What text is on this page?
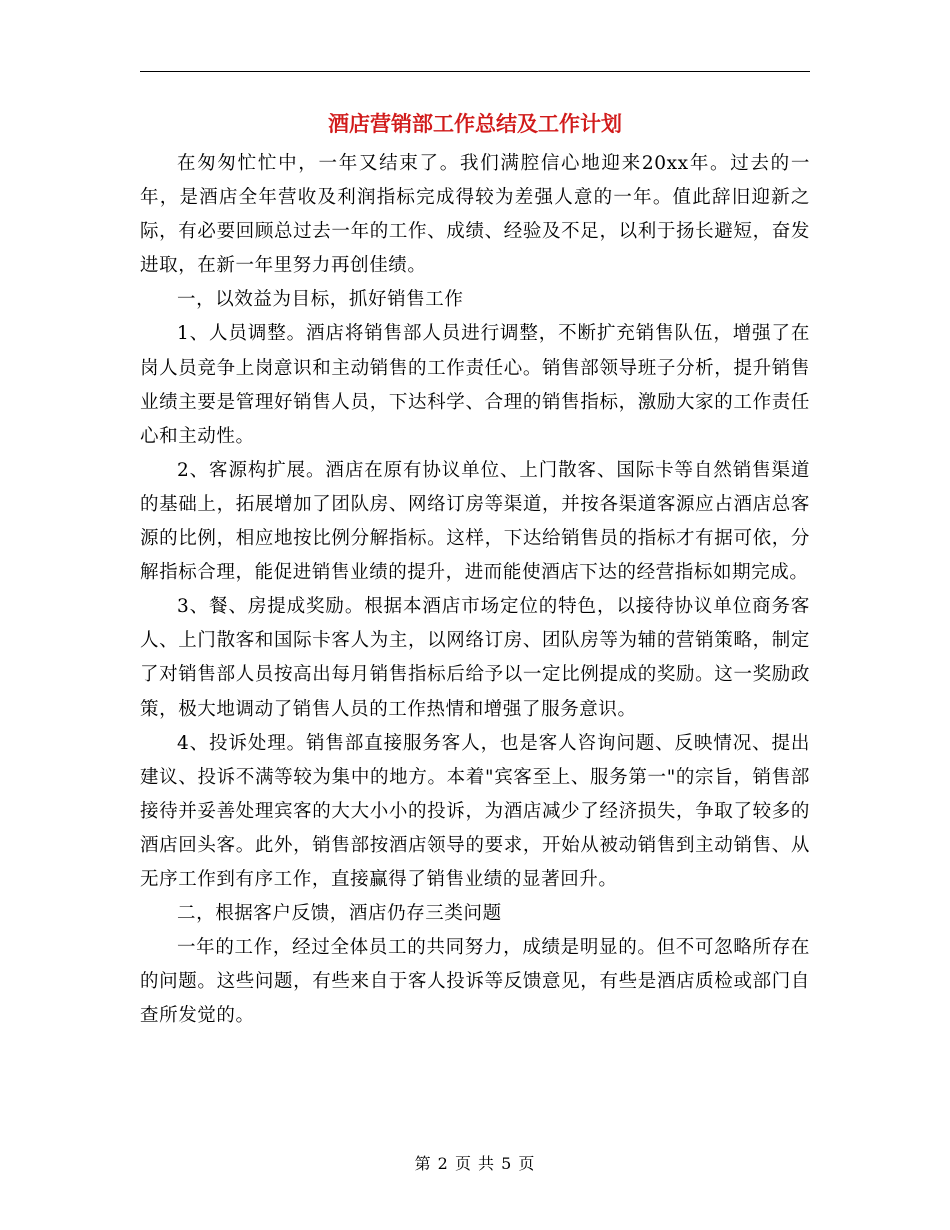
酒店营销部工作总结及工作计划

在匆匆忙忙中，一年又结束了。我们满腔信心地迎来20xx年。过去的一年，是酒店全年营收及利润指标完成得较为差强人意的一年。值此辞旧迎新之际，有必要回顾总过去一年的工作、成绩、经验及不足，以利于扬长避短，奋发进取，在新一年里努力再创佳绩。

一，以效益为目标，抓好销售工作

1、人员调整。酒店将销售部人员进行调整，不断扩充销售队伍，增强了在岗人员竞争上岗意识和主动销售的工作责任心。销售部领导班子分析，提升销售业绩主要是管理好销售人员，下达科学、合理的销售指标，激励大家的工作责任心和主动性。

2、客源构扩展。酒店在原有协议单位、上门散客、国际卡等自然销售渠道的基础上，拓展增加了团队房、网络订房等渠道，并按各渠道客源应占酒店总客源的比例，相应地按比例分解指标。这样，下达给销售员的指标才有据可依，分解指标合理，能促进销售业绩的提升，进而能使酒店下达的经营指标如期完成。

3、餐、房提成奖励。根据本酒店市场定位的特色，以接待协议单位商务客人、上门散客和国际卡客人为主，以网络订房、团队房等为辅的营销策略，制定了对销售部人员按高出每月销售指标后给予以一定比例提成的奖励。这一奖励政策，极大地调动了销售人员的工作热情和增强了服务意识。

4、投诉处理。销售部直接服务客人，也是客人咨询问题、反映情况、提出建议、投诉不满等较为集中的地方。本着"宾客至上、服务第一"的宗旨，销售部接待并妥善处理宾客的大大小小的投诉，为酒店减少了经济损失，争取了较多的酒店回头客。此外，销售部按酒店领导的要求，开始从被动销售到主动销售、从无序工作到有序工作，直接赢得了销售业绩的显著回升。

二，根据客户反馈，酒店仍存三类问题

一年的工作，经过全体员工的共同努力，成绩是明显的。但不可忽略所存在的问题。这些问题，有些来自于客人投诉等反馈意见，有些是酒店质检或部门自查所发觉的。

第 2 页 共 5 页
